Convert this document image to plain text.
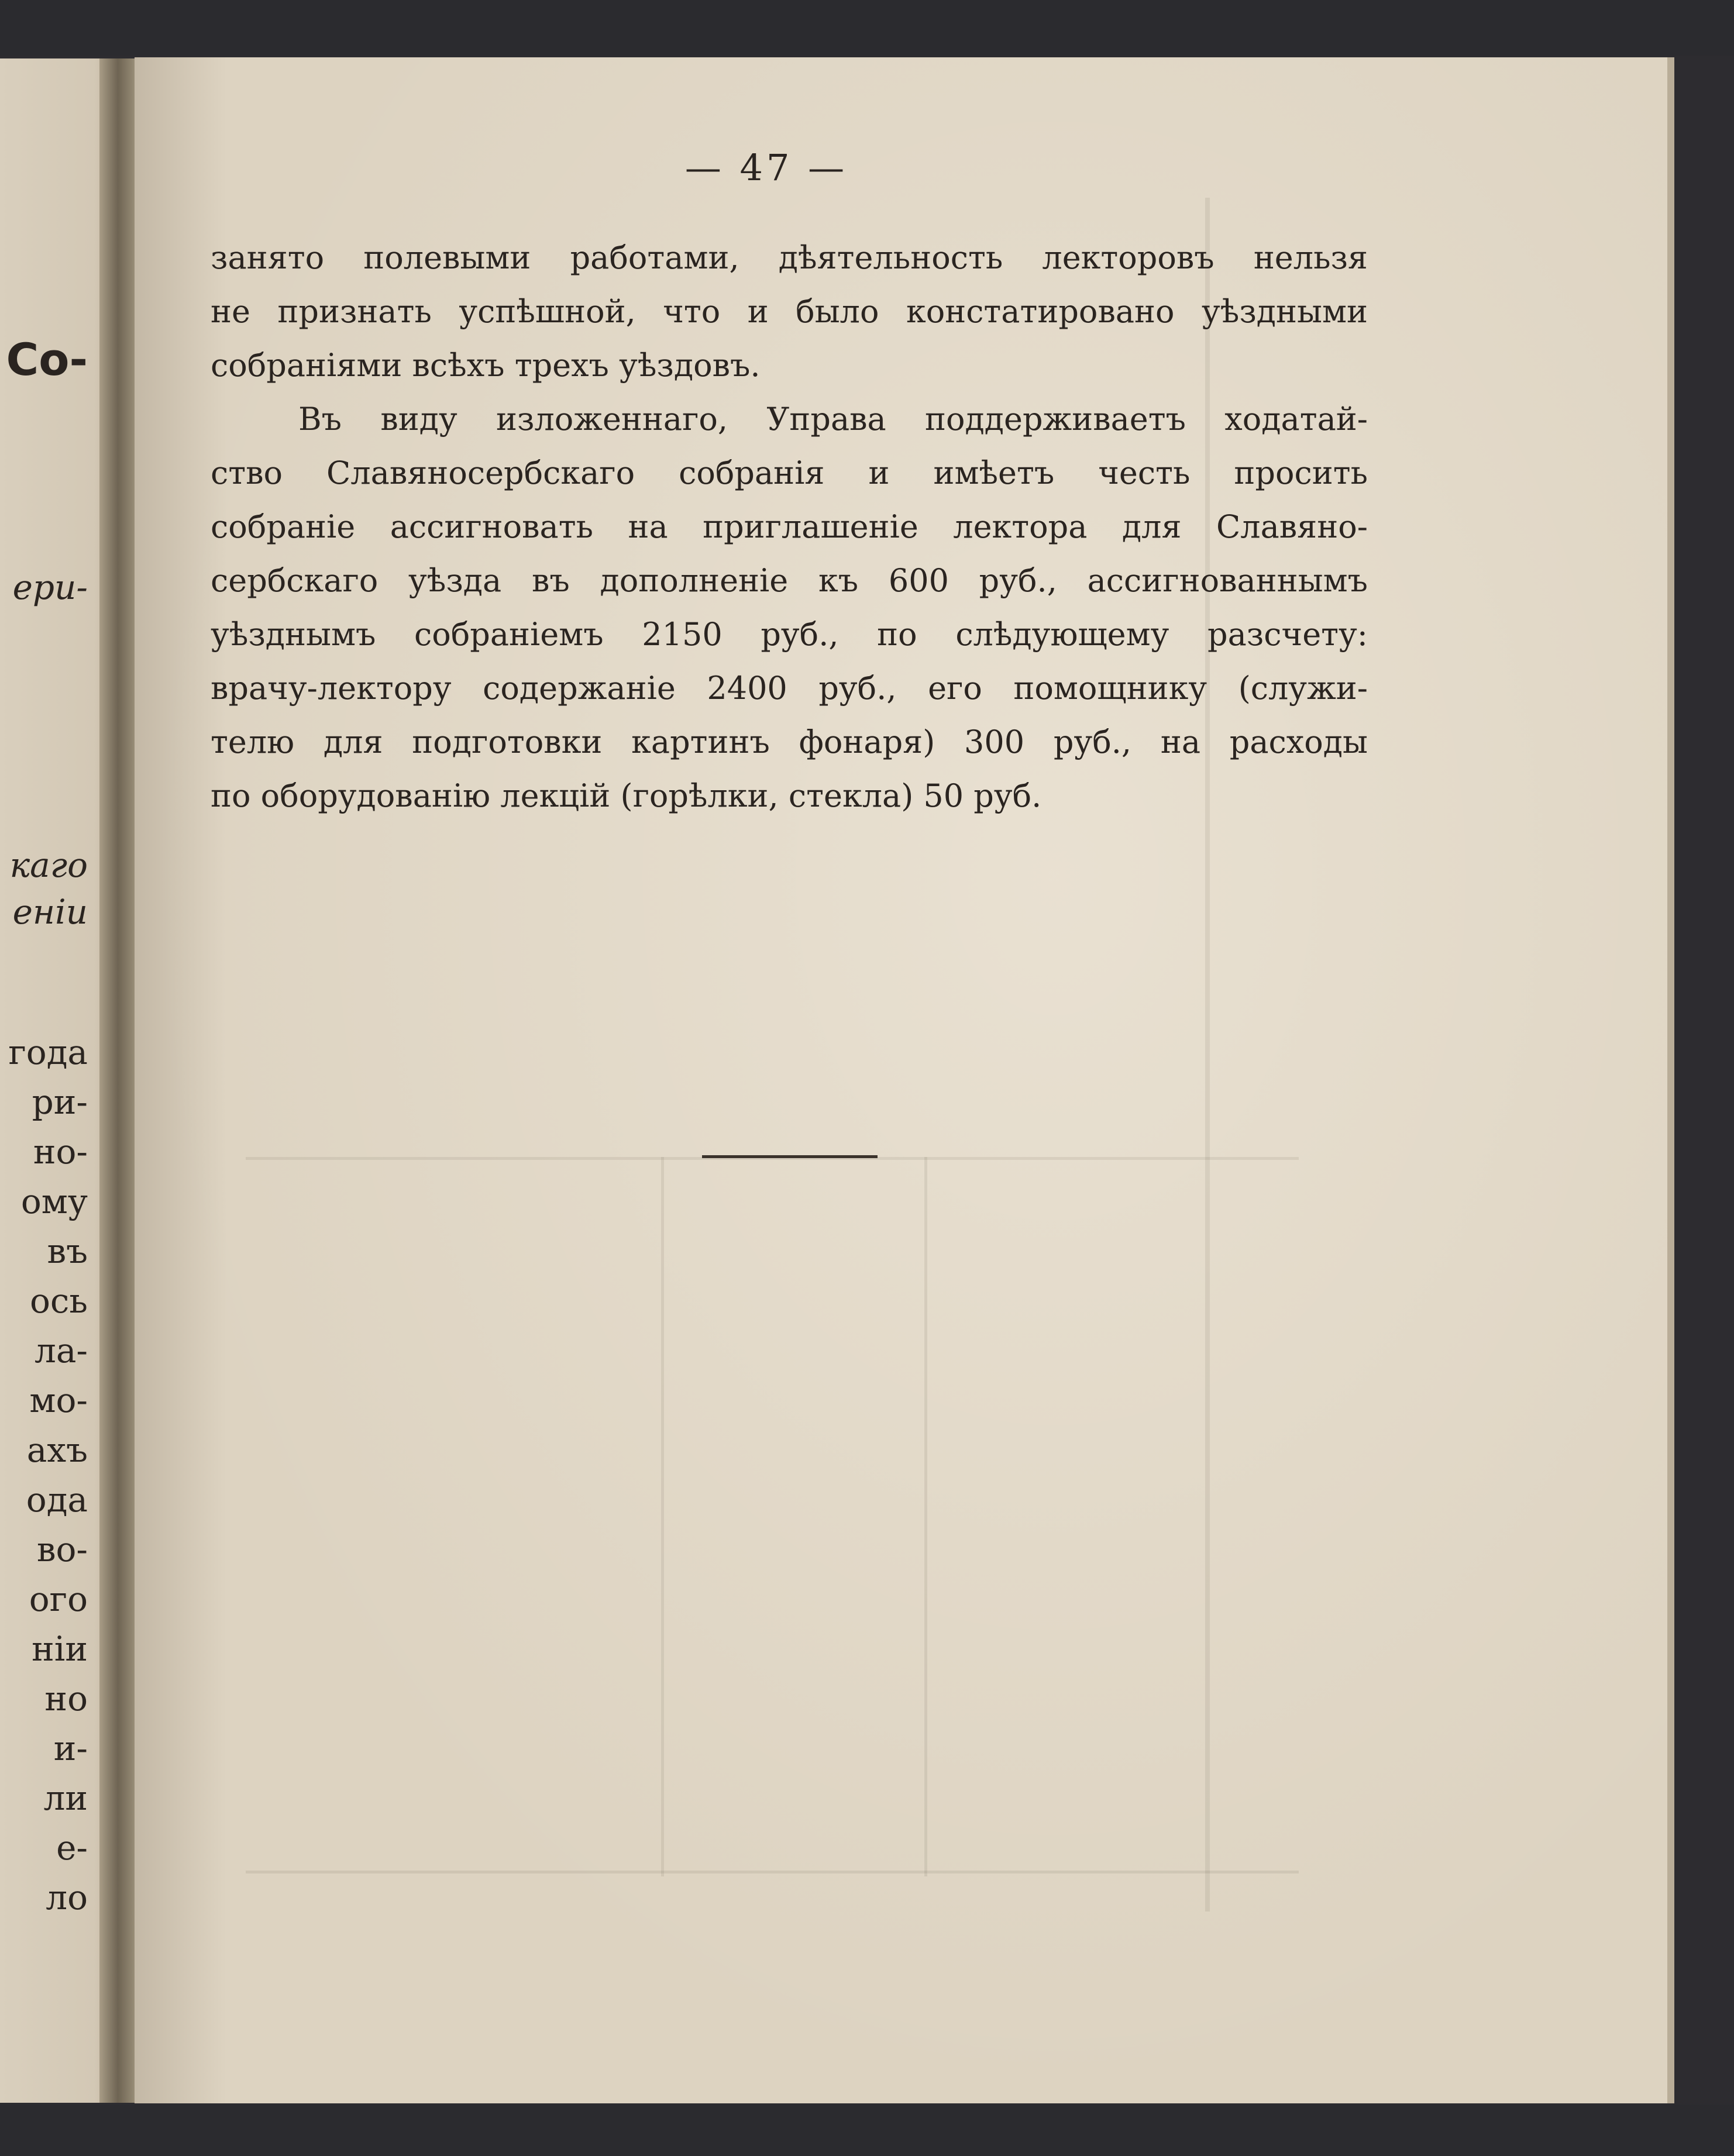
Со-
ери-
каго
еніи
года
ри-
но-
ому
въ
ось
ла-
мо-
ахъ
ода
во-
ого
ніи
но
и-
ли
е-
ло
— 47 —

занято полевыми работами, дѣятельность лекторовъ нельзя
не признать успѣшной, что и было констатировано уѣздными
собраніями всѣхъ трехъ уѣздовъ.

Въ виду изложеннаго, Управа поддерживаетъ ходатай-
ство Славяносербскаго собранія и имѣетъ честь просить
собраніе ассигновать на приглашеніе лектора для Славяно-
сербскаго уѣзда въ дополненіе къ 600 руб., ассигнованнымъ
уѣзднымъ собраніемъ 2150 руб., по слѣдующему разсчету:
врачу-лектору содержаніе 2400 руб., его помощнику (служи-
телю для подготовки картинъ фонаря) 300 руб., на расходы
по оборудованію лекцій (горѣлки, стекла) 50 руб.
